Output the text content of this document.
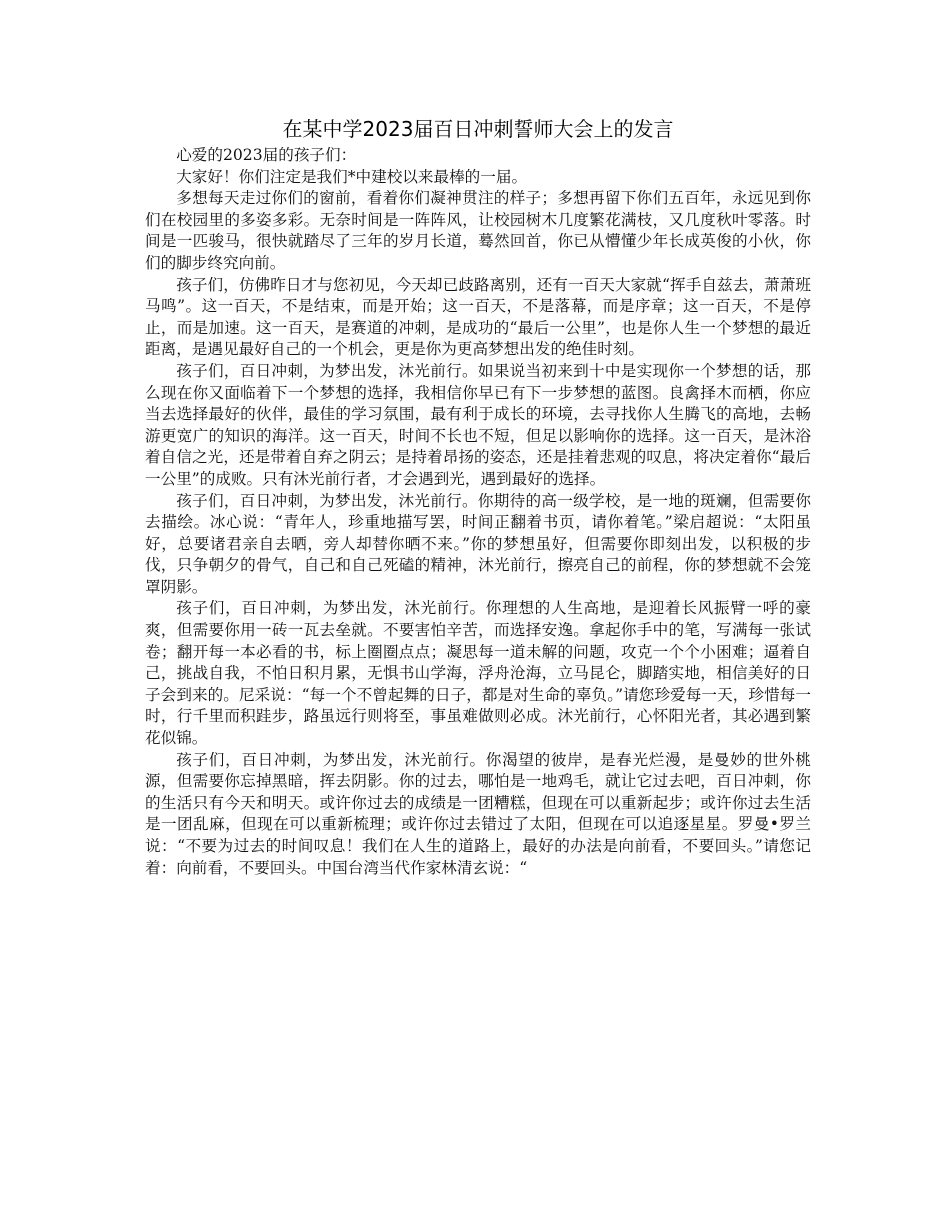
在某中学2023届百日冲刺誓师大会上的发言

心爱的2023届的孩子们：

大家好！你们注定是我们*中建校以来最棒的一届。

多想每天走过你们的窗前，看着你们凝神贯注的样子；多想再留下你们五百年，永远见到你们在校园里的多姿多彩。无奈时间是一阵阵风，让校园树木几度繁花满枝，又几度秋叶零落。时间是一匹骏马，很快就踏尽了三年的岁月长道，蓦然回首，你已从懵懂少年长成英俊的小伙，你们的脚步终究向前。

孩子们，仿佛昨日才与您初见，今天却已歧路离别，还有一百天大家就“挥手自兹去，萧萧班马鸣”。这一百天，不是结束，而是开始；这一百天，不是落幕，而是序章；这一百天，不是停止，而是加速。这一百天，是赛道的冲刺，是成功的“最后一公里”，也是你人生一个梦想的最近距离，是遇见最好自己的一个机会，更是你为更高梦想出发的绝佳时刻。

孩子们，百日冲刺，为梦出发，沐光前行。如果说当初来到十中是实现你一个梦想的话，那么现在你又面临着下一个梦想的选择，我相信你早已有下一步梦想的蓝图。良禽择木而栖，你应当去选择最好的伙伴，最佳的学习氛围，最有利于成长的环境，去寻找你人生腾飞的高地，去畅游更宽广的知识的海洋。这一百天，时间不长也不短，但足以影响你的选择。这一百天，是沐浴着自信之光，还是带着自弃之阴云；是持着昂扬的姿态，还是挂着悲观的叹息，将决定着你“最后一公里”的成败。只有沐光前行者，才会遇到光，遇到最好的选择。

孩子们，百日冲刺，为梦出发，沐光前行。你期待的高一级学校，是一地的斑斓，但需要你去描绘。冰心说：“青年人，珍重地描写罢，时间正翻着书页，请你着笔。”梁启超说：“太阳虽好，总要诸君亲自去晒，旁人却替你晒不来。”你的梦想虽好，但需要你即刻出发，以积极的步伐，只争朝夕的骨气，自己和自己死磕的精神，沐光前行，擦亮自己的前程，你的梦想就不会笼罩阴影。

孩子们，百日冲刺，为梦出发，沐光前行。你理想的人生高地，是迎着长风振臂一呼的豪爽，但需要你用一砖一瓦去垒就。不要害怕辛苦，而选择安逸。拿起你手中的笔，写满每一张试卷；翻开每一本必看的书，标上圈圈点点；凝思每一道未解的问题，攻克一个个小困难；逼着自己，挑战自我，不怕日积月累，无惧书山学海，浮舟沧海，立马昆仑，脚踏实地，相信美好的日子会到来的。尼采说：“每一个不曾起舞的日子，都是对生命的辜负。”请您珍爱每一天，珍惜每一时，行千里而积跬步，路虽远行则将至，事虽难做则必成。沐光前行，心怀阳光者，其必遇到繁花似锦。

孩子们，百日冲刺，为梦出发，沐光前行。你渴望的彼岸，是春光烂漫，是曼妙的世外桃源，但需要你忘掉黑暗，挥去阴影。你的过去，哪怕是一地鸡毛，就让它过去吧，百日冲刺，你的生活只有今天和明天。或许你过去的成绩是一团糟糕，但现在可以重新起步；或许你过去生活是一团乱麻，但现在可以重新梳理；或许你过去错过了太阳，但现在可以追逐星星。罗曼•罗兰说：“不要为过去的时间叹息！我们在人生的道路上，最好的办法是向前看，不要回头。”请您记着：向前看，不要回头。中国台湾当代作家林清玄说：“
